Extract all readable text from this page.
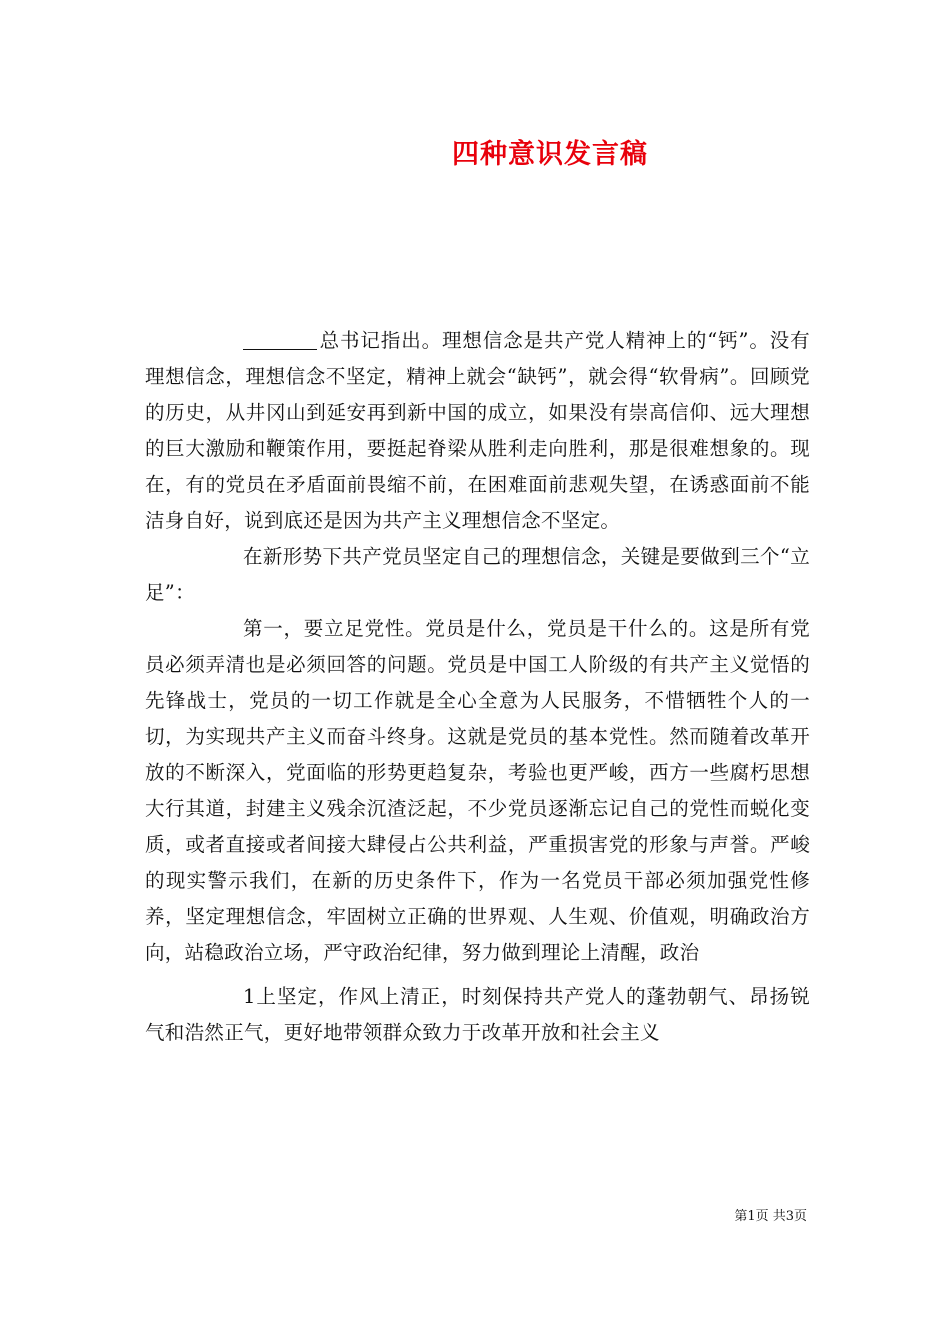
四种意识发言稿

总书记指出。理想信念是共产党人精神上的“钙”。没有理想信念，理想信念不坚定，精神上就会“缺钙”，就会得“软骨病”。回顾党的历史，从井冈山到延安再到新中国的成立，如果没有崇高信仰、远大理想的巨大激励和鞭策作用，要挺起脊梁从胜利走向胜利，那是很难想象的。现在，有的党员在矛盾面前畏缩不前，在困难面前悲观失望，在诱惑面前不能洁身自好，说到底还是因为共产主义理想信念不坚定。

在新形势下共产党员坚定自己的理想信念，关键是要做到三个“立足”：

第一，要立足党性。党员是什么，党员是干什么的。这是所有党员必须弄清也是必须回答的问题。党员是中国工人阶级的有共产主义觉悟的先锋战士，党员的一切工作就是全心全意为人民服务，不惜牺牲个人的一切，为实现共产主义而奋斗终身。这就是党员的基本党性。然而随着改革开放的不断深入，党面临的形势更趋复杂，考验也更严峻，西方一些腐朽思想大行其道，封建主义残余沉渣泛起，不少党员逐渐忘记自己的党性而蜕化变质，或者直接或者间接大肆侵占公共利益，严重损害党的形象与声誉。严峻的现实警示我们，在新的历史条件下，作为一名党员干部必须加强党性修养，坚定理想信念，牢固树立正确的世界观、人生观、价值观，明确政治方向，站稳政治立场，严守政治纪律，努力做到理论上清醒，政治

1上坚定，作风上清正，时刻保持共产党人的蓬勃朝气、昂扬锐气和浩然正气，更好地带领群众致力于改革开放和社会主义

第1页 共3页
